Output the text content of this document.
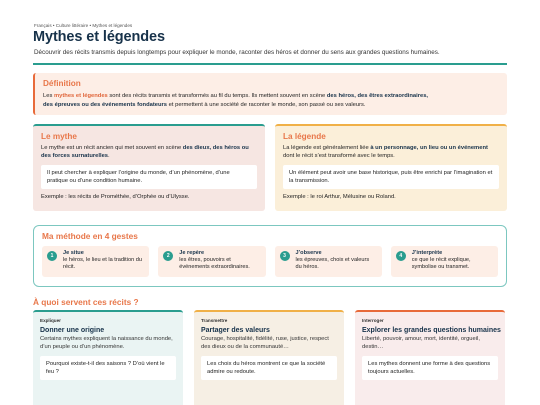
Français • Culture littéraire • Mythes et légendes
Mythes et légendes

Découvrir des récits transmis depuis longtemps pour expliquer le monde, raconter des héros et donner du sens aux grandes questions humaines.

Définition

Les mythes et légendes sont des récits transmis et transformés au fil du temps. Ils mettent souvent en scène des héros, des êtres extraordinaires,
des épreuves ou des événements fondateurs et permettent à une société de raconter le monde, son passé ou ses valeurs.

Le mythe

Le mythe est un récit ancien qui met souvent en scène des dieux, des héros ou des forces surnaturelles.

Il peut chercher à expliquer l’origine du monde, d’un phénomène, d’une pratique ou d’une condition humaine.

Exemple : les récits de Prométhée, d’Orphée ou d’Ulysse.

La légende

La légende est généralement liée à un personnage, un lieu ou un événement dont le récit s’est transformé avec le temps.

Un élément peut avoir une base historique, puis être enrichi par l’imagination et la transmission.

Exemple : le roi Arthur, Mélusine ou Roland.

Ma méthode en 4 gestes
1	Je situe
le héros, le lieu et la tradition du récit.
2	Je repère
les êtres, pouvoirs et événements extraordinaires.
3	J’observe
les épreuves, choix et valeurs du héros.
4	J’interprète
ce que le récit explique, symbolise ou transmet.
À quoi servent ces récits ?
Expliquer
Donner une origine

Certains mythes expliquent la naissance du monde, d’un peuple ou d’un phénomène.

Pourquoi existe-t-il des saisons ? D’où vient le feu ?
Transmettre
Partager des valeurs

Courage, hospitalité, fidélité, ruse, justice, respect des dieux ou de la communauté…

Les choix du héros montrent ce que la société admire ou redoute.
Interroger
Explorer les grandes questions humaines

Liberté, pouvoir, amour, mort, identité, orgueil, destin…

Les mythes donnent une forme à des questions toujours actuelles.
